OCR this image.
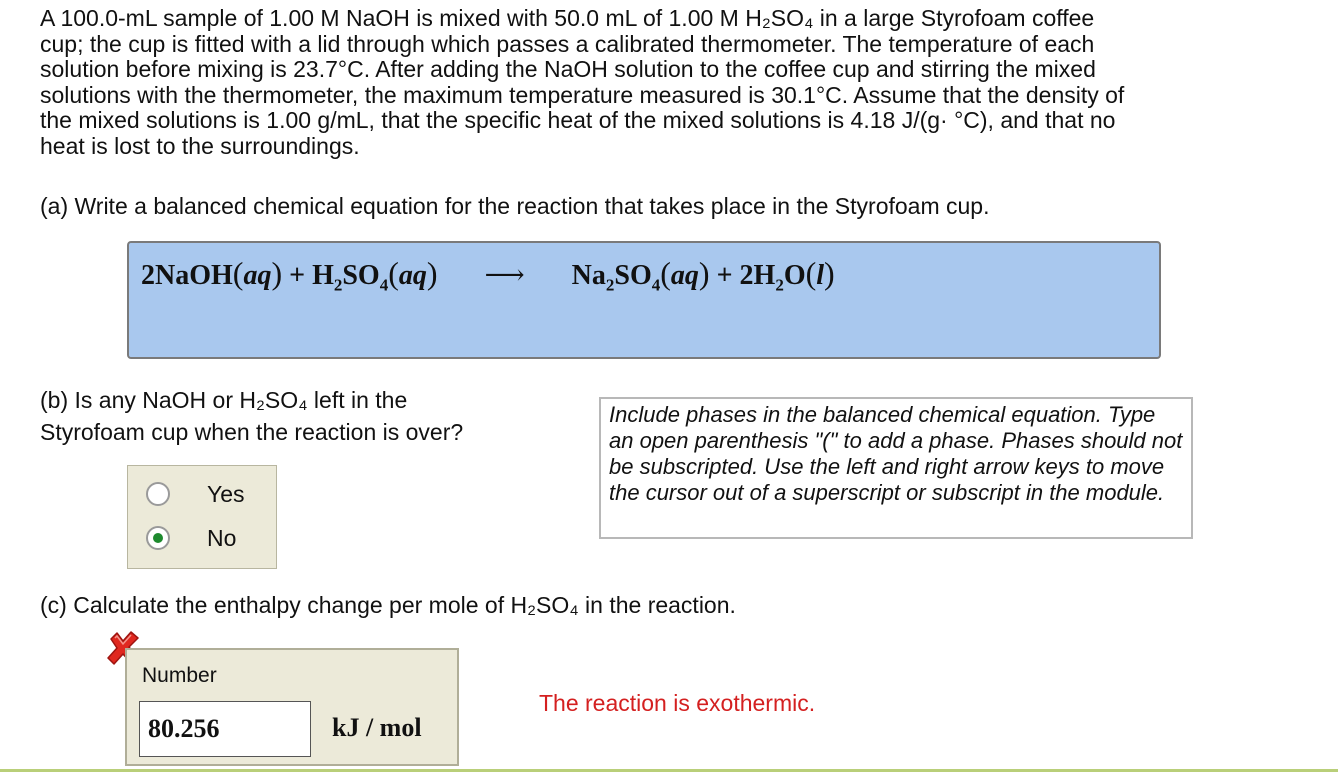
A 100.0-mL sample of 1.00 M NaOH is mixed with 50.0 mL of 1.00 M H₂SO₄ in a large Styrofoam coffee

cup; the cup is fitted with a lid through which passes a calibrated thermometer. The temperature of each

solution before mixing is 23.7°C. After adding the NaOH solution to the coffee cup and stirring the mixed

solutions with the thermometer, the maximum temperature measured is 30.1°C. Assume that the density of

the mixed solutions is 1.00 g/mL, that the specific heat of the mixed solutions is 4.18 J/(g· °C), and that no

heat is lost to the surroundings.

(a) Write a balanced chemical equation for the reaction that takes place in the Styrofoam cup.
2NaOH(aq) + $H_2SO_4(aq)$ ⟶ $Na_2SO_4(aq) + 2H_2O(l)$
(b) Is any NaOH or H₂SO₄ left in the
Styrofoam cup when the reaction is over?
Yes
No
Include phases in the balanced chemical equation. Type an open parenthesis "(" to add a phase. Phases should not be subscripted. Use the left and right arrow keys to move the cursor out of a superscript or subscript in the module.
(c) Calculate the enthalpy change per mole of H₂SO₄ in the reaction.
Number
80.256
kJ / mol
The reaction is exothermic.
